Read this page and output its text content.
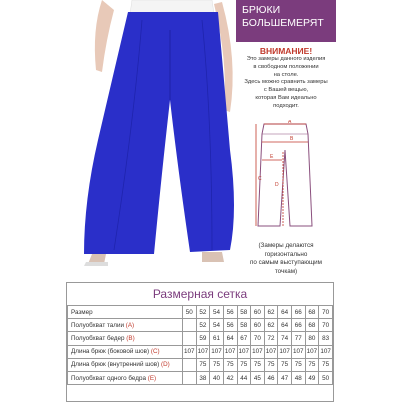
БРЮКИ
БОЛЬШЕМЕРЯТ
ВНИМАНИЕ!

Это замеры данного изделия

в свободном положении

на столе.

Здесь можно сравнить замеры

с Вашей вещью,

которая Вам идеально

подходит.

A
B
C
D
E

(Замеры делаются

горизонтально

по самым выступающим

точкам)

Размерная сетка
Размер	50	52	54	56	58	60	62	64	66	68	70
Полуобхват талии (A)		52	54	56	58	60	62	64	66	68	70
Полуобхват бедер (B)		59	61	64	67	70	72	74	77	80	83
Длина брюк (боковой шов) (C)	107	107	107	107	107	107	107	107	107	107	107
Длина брюк (внутренний шов) (D)		75	75	75	75	75	75	75	75	75	75
Полуобхват одного бедра (E)		38	40	42	44	45	46	47	48	49	50
